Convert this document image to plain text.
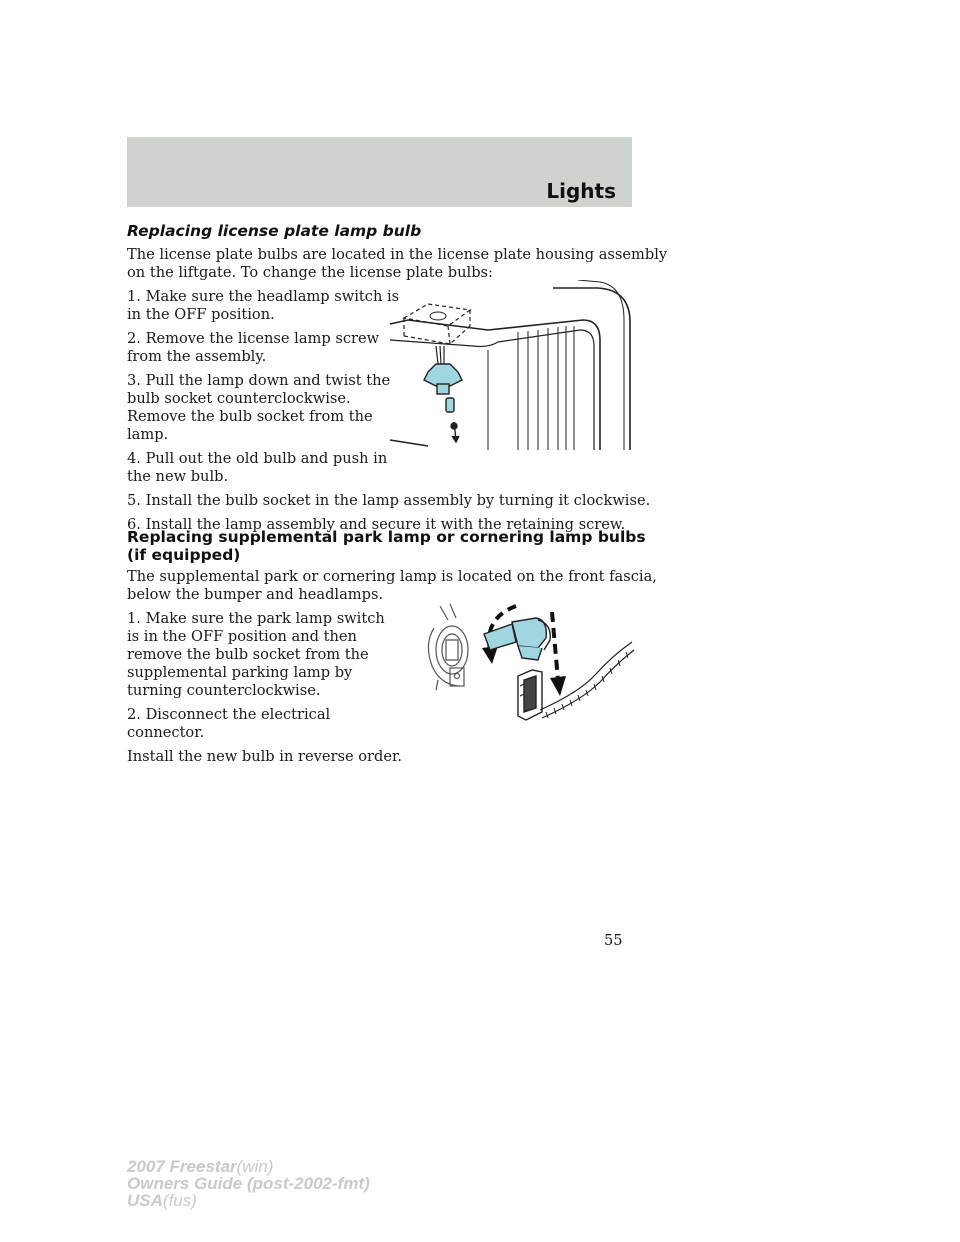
Lights
Replacing license plate lamp bulb

The license plate bulbs are located in the license plate housing assembly

on the liftgate. To change the license plate bulbs:

1. Make sure the headlamp switch is

in the OFF position.

2. Remove the license lamp screw

from the assembly.

3. Pull the lamp down and twist the

bulb socket counterclockwise.

Remove the bulb socket from the

lamp.

4. Pull out the old bulb and push in

the new bulb.

5. Install the bulb socket in the lamp assembly by turning it clockwise.

6. Install the lamp assembly and secure it with the retaining screw.

Replacing supplemental park lamp or cornering lamp bulbs
(if equipped)

The supplemental park or cornering lamp is located on the front fascia,

below the bumper and headlamps.

1. Make sure the park lamp switch

is in the OFF position and then

remove the bulb socket from the

supplemental parking lamp by

turning counterclockwise.

2. Disconnect the electrical

connector.

Install the new bulb in reverse order.

55
2007 Freestar(win)
Owners Guide (post-2002-fmt)
USA(fus)
